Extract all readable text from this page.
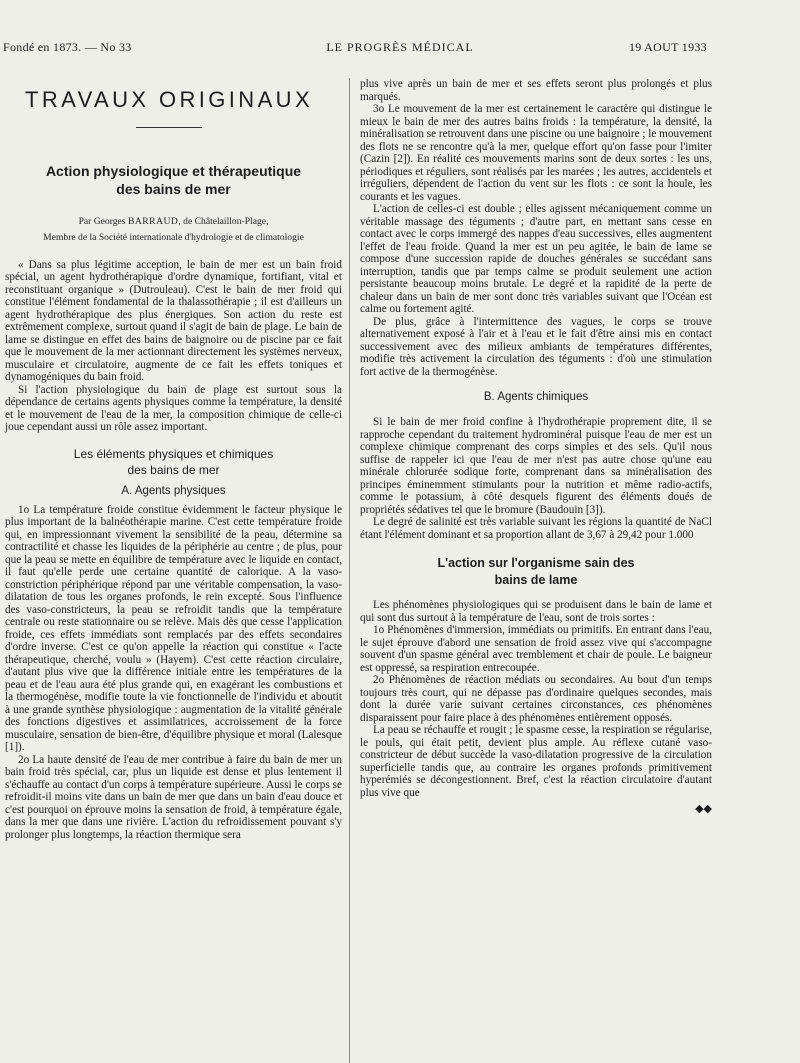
Fondé en 1873. — No 33	LE PROGRÈS MÉDICAL	19 AOUT 1933
TRAVAUX ORIGINAUX
Action physiologique et thérapeutique
des bains de mer
Par Georges BARRAUD, de Châtelaillon-Plage,
Membre de la Société internationale d'hydrologie et de climatologie

« Dans sa plus légitime acception, le bain de mer est un bain froid spécial, un agent hydrothérapique d'ordre dynamique, fortifiant, vital et reconstituant organique » (Dutrouleau). C'est le bain de mer froid qui constitue l'élément fondamental de la thalassothérapie ; il est d'ailleurs un agent hydrothérapique des plus énergiques. Son action du reste est extrêmement complexe, surtout quand il s'agit de bain de plage. Le bain de lame se distingue en effet des bains de baignoire ou de piscine par ce fait que le mouvement de la mer actionnant directement les systèmes nerveux, musculaire et circulatoire, augmente de ce fait les effets toniques et dynamogéniques du bain froid.

Si l'action physiologique du bain de plage est surtout sous la dépendance de certains agents physiques comme la température, la densité et le mouvement de l'eau de la mer, la composition chimique de celle-ci joue cependant aussi un rôle assez important.

Les éléments physiques et chimiques
des bains de mer
A. Agents physiques

1o La température froide constitue évidemment le facteur physique le plus important de la balnéothérapie marine. C'est cette température froide qui, en impressionnant vivement la sensibilité de la peau, détermine sa contractilité et chasse les liquides de la périphérie au centre ; de plus, pour que la peau se mette en équilibre de température avec le liquide en contact, il faut qu'elle perde une certaine quantité de calorique. A la vaso-constriction périphérique répond par une véritable compensation, la vaso-dilatation de tous les organes profonds, le rein excepté. Sous l'influence des vaso-constricteurs, la peau se refroidit tandis que la température centrale ou reste stationnaire ou se relève. Mais dès que cesse l'application froide, ces effets immédiats sont remplacés par des effets secondaires d'ordre inverse. C'est ce qu'on appelle la réaction qui constitue « l'acte thérapeutique, cherché, voulu » (Hayem). C'est cette réaction circulaire, d'autant plus vive que la différence initiale entre les températures de la peau et de l'eau aura été plus grande qui, en exagérant les combustions et la thermogénèse, modifie toute la vie fonctionnelle de l'individu et aboutit à une grande synthèse physiologique : augmentation de la vitalité générale des fonctions digestives et assimilatrices, accroissement de la force musculaire, sensation de bien-être, d'équilibre physique et moral (Lalesque [1]).

2o La haute densité de l'eau de mer contribue à faire du bain de mer un bain froid très spécial, car, plus un liquide est dense et plus lentement il s'échauffe au contact d'un corps à température supérieure. Aussi le corps se refroidit-il moins vite dans un bain de mer que dans un bain d'eau douce et c'est pourquoi on éprouve moins la sensation de froid, à température égale, dans la mer que dans une rivière. L'action du refroidissement pouvant s'y prolonger plus longtemps, la réaction thermique sera

plus vive après un bain de mer et ses effets seront plus prolongés et plus marqués.

3o Le mouvement de la mer est certainement le caractère qui distingue le mieux le bain de mer des autres bains froids : la température, la densité, la minéralisation se retrouvent dans une piscine ou une baignoire ; le mouvement des flots ne se rencontre qu'à la mer, quelque effort qu'on fasse pour l'imiter (Cazin [2]). En réalité ces mouvements marins sont de deux sortes : les uns, périodiques et réguliers, sont réalisés par les marées ; les autres, accidentels et irréguliers, dépendent de l'action du vent sur les flots : ce sont la houle, les courants et les vagues.

L'action de celles-ci est double ; elles agissent mécaniquement comme un véritable massage des téguments ; d'autre part, en mettant sans cesse en contact avec le corps immergé des nappes d'eau successives, elles augmentent l'effet de l'eau froide. Quand la mer est un peu agitée, le bain de lame se compose d'une succession rapide de douches générales se succédant sans interruption, tandis que par temps calme se produit seulement une action persistante beaucoup moins brutale. Le degré et la rapidité de la perte de chaleur dans un bain de mer sont donc très variables suivant que l'Océan est calme ou fortement agité.

De plus, grâce à l'intermittence des vagues, le corps se trouve alternativement exposé à l'air et à l'eau et le fait d'être ainsi mis en contact successivement avec des milieux ambiants de températures différentes, modifie très activement la circulation des téguments : d'où une stimulation fort active de la thermogénèse.

B. Agents chimiques

Si le bain de mer froid confine à l'hydrothérapie proprement dite, il se rapproche cependant du traitement hydrominéral puisque l'eau de mer est un complexe chimique comprenant des corps simples et des sels. Qu'il nous suffise de rappeler ici que l'eau de mer n'est pas autre chose qu'une eau minérale chlorurée sodique forte, comprenant dans sa minéralisation des principes éminemment stimulants pour la nutrition et même radio-actifs, comme le potassium, à côté desquels figurent des éléments doués de propriétés sédatives tel que le bromure (Baudouin [3]).

Le degré de salinité est très variable suivant les régions la quantité de NaCl étant l'élément dominant et sa proportion allant de 3,67 à 29,42 pour 1.000

L'action sur l'organisme sain des
bains de lame

Les phénomènes physiologiques qui se produisent dans le bain de lame et qui sont dus surtout à la température de l'eau, sont de trois sortes :

1o Phénomènes d'immersion, immédiats ou primitifs. En entrant dans l'eau, le sujet éprouve d'abord une sensation de froid assez vive qui s'accompagne souvent d'un spasme général avec tremblement et chair de poule. Le baigneur est oppressé, sa respiration entrecoupée.

2o Phénomènes de réaction médiats ou secondaires. Au bout d'un temps toujours très court, qui ne dépasse pas d'ordinaire quelques secondes, mais dont la durée varie suivant certaines circonstances, ces phénomènes disparaissent pour faire place à des phénomènes entièrement opposés.

La peau se réchauffe et rougit ; le spasme cesse, la respiration se régularise, le pouls, qui était petit, devient plus ample. Au réflexe cutané vaso-constricteur de début succède la vaso-dilatation progressive de la circulation superficielle tandis que, au contraire les organes profonds primitivement hyperémiés se décongestionnent. Bref, c'est la réaction circulatoire d'autant plus vive que

◆◆
